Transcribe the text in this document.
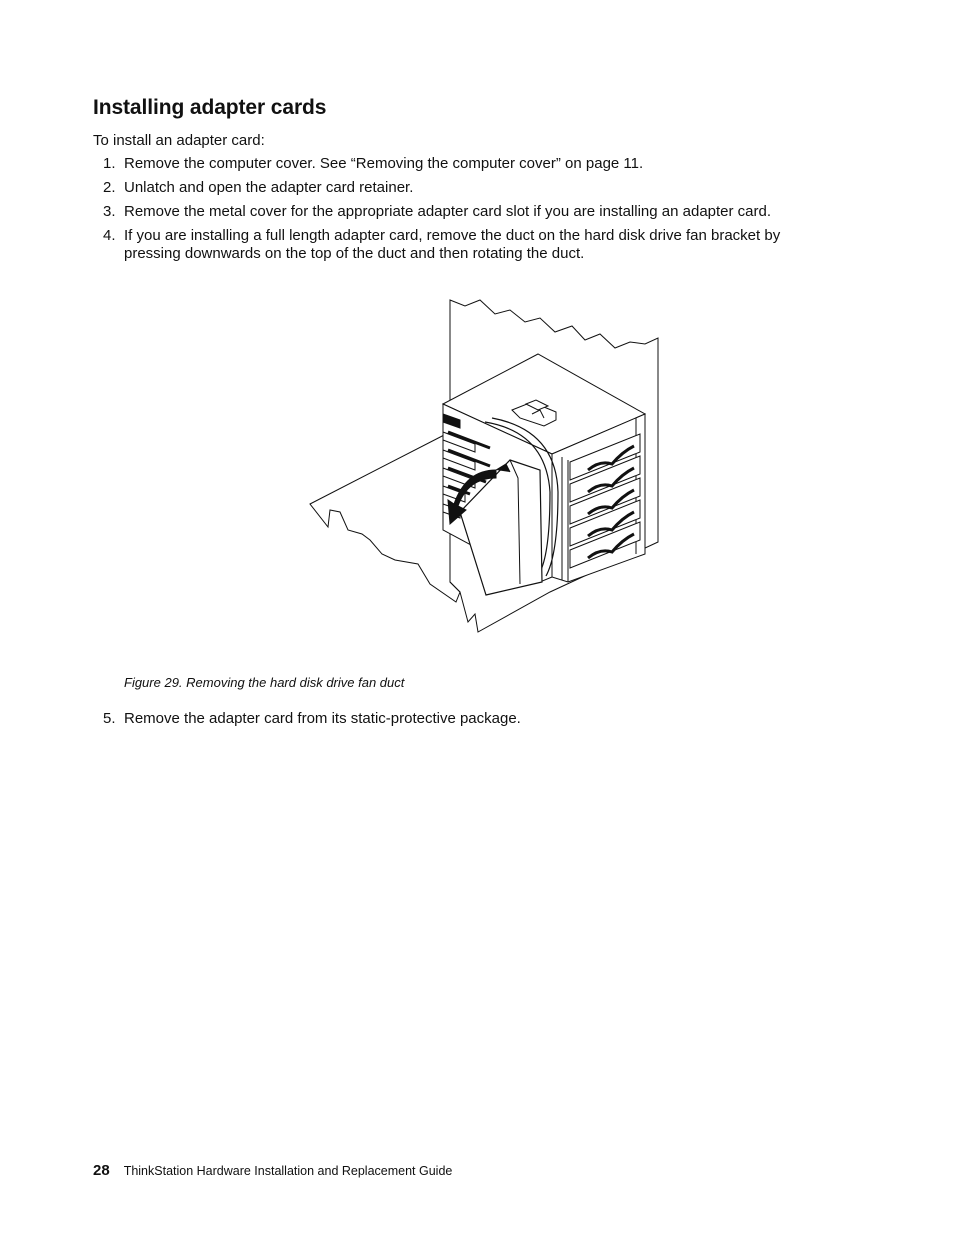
Installing adapter cards

To install an adapter card:

1. Remove the computer cover. See “Removing the computer cover” on page 11.
2. Unlatch and open the adapter card retainer.
3. Remove the metal cover for the appropriate adapter card slot if you are installing an adapter card.
4. If you are installing a full length adapter card, remove the duct on the hard disk drive fan bracket by pressing downwards on the top of the duct and then rotating the duct.

Figure 29. Removing the hard disk drive fan duct

5. Remove the adapter card from its static-protective package.
28 ThinkStation Hardware Installation and Replacement Guide
